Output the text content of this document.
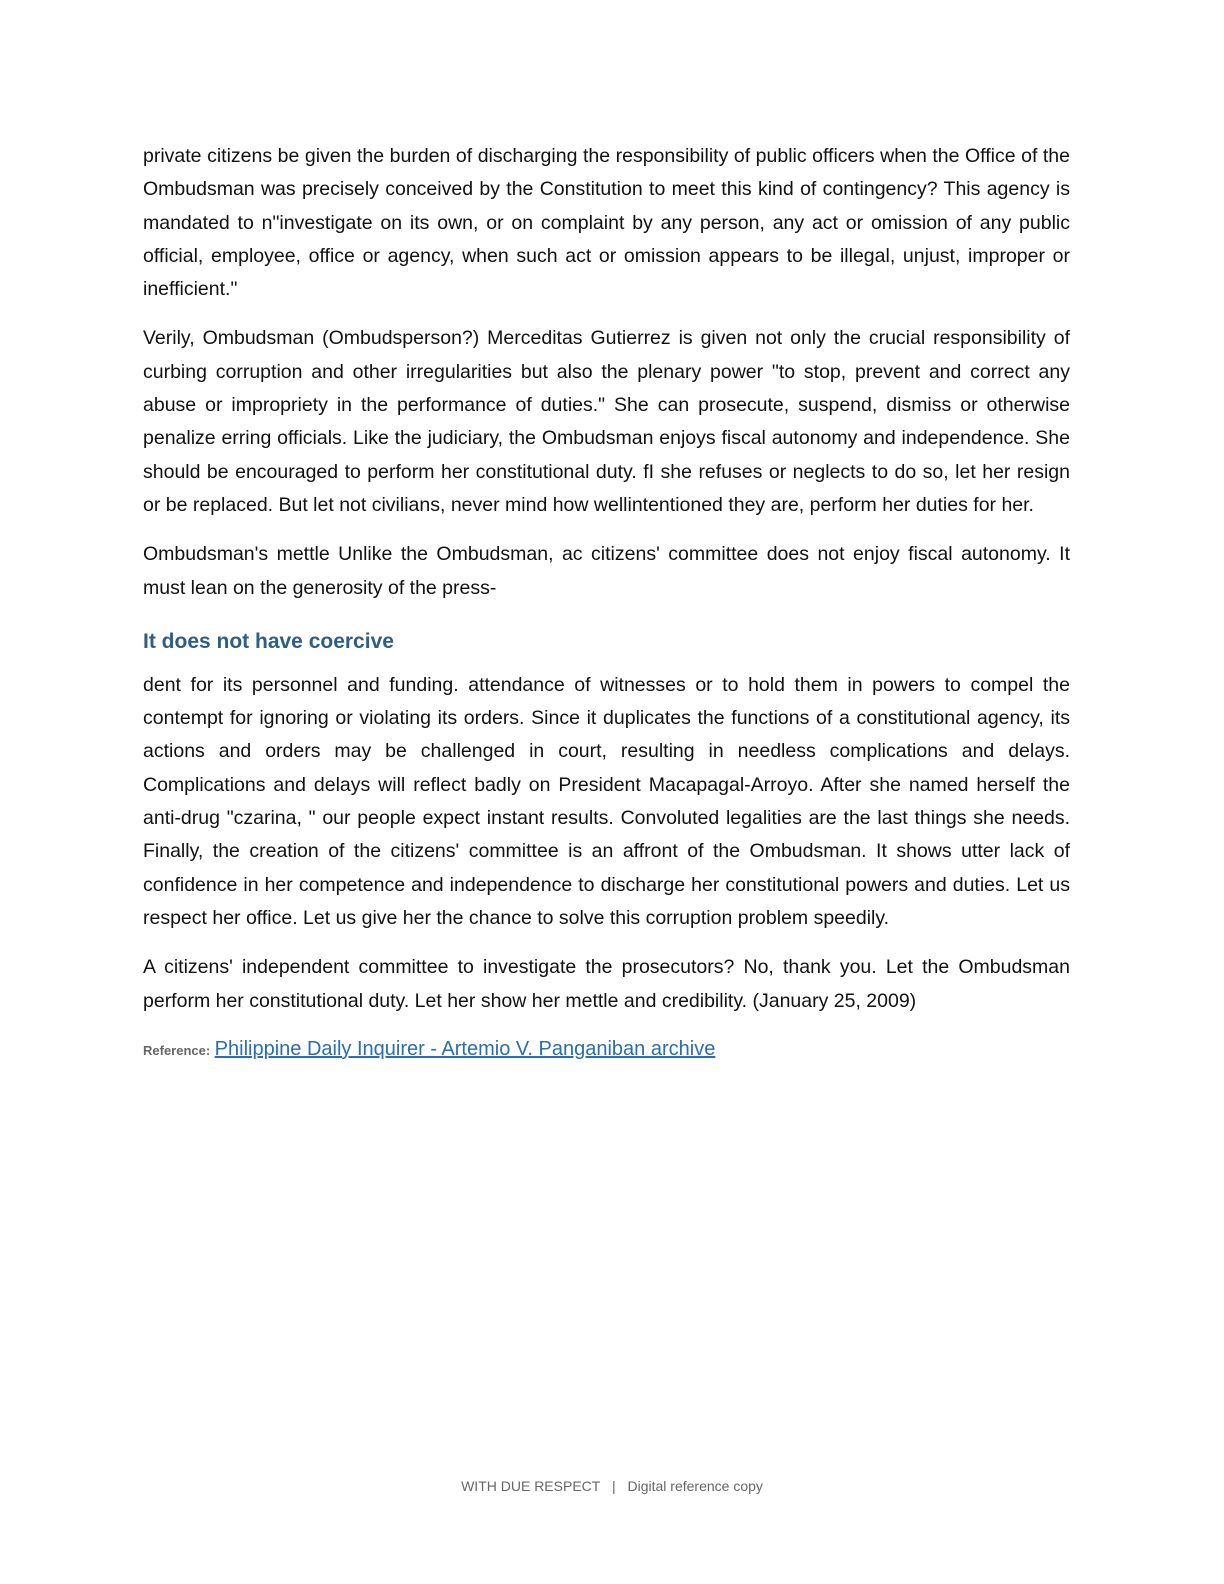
private citizens be given the burden of discharging the responsibility of public officers when the Office of the Ombudsman was precisely conceived by the Constitution to meet this kind of contingency? This agency is mandated to n"investigate on its own, or on complaint by any person, any act or omission of any public official, employee, office or agency, when such act or omission appears to be illegal, unjust, improper or inefficient."

Verily, Ombudsman (Ombudsperson?) Merceditas Gutierrez is given not only the crucial responsibility of curbing corruption and other irregularities but also the plenary power "to stop, prevent and correct any abuse or impropriety in the performance of duties." She can prosecute, suspend, dismiss or otherwise penalize erring officials. Like the judiciary, the Ombudsman enjoys fiscal autonomy and independence. She should be encouraged to perform her constitutional duty. fI she refuses or neglects to do so, let her resign or be replaced. But let not civilians, never mind how wellintentioned they are, perform her duties for her.

Ombudsman's mettle Unlike the Ombudsman, ac citizens' committee does not enjoy fiscal autonomy. It must lean on the generosity of the press-

It does not have coercive

dent for its personnel and funding. attendance of witnesses or to hold them in powers to compel the contempt for ignoring or violating its orders. Since it duplicates the functions of a constitutional agency, its actions and orders may be challenged in court, resulting in needless complications and delays. Complications and delays will reflect badly on President Macapagal-Arroyo. After she named herself the anti-drug "czarina, " our people expect instant results. Convoluted legalities are the last things she needs. Finally, the creation of the citizens' committee is an affront of the Ombudsman. It shows utter lack of confidence in her competence and independence to discharge her constitutional powers and duties. Let us respect her office. Let us give her the chance to solve this corruption problem speedily.

A citizens' independent committee to investigate the prosecutors? No, thank you. Let the Ombudsman perform her constitutional duty. Let her show her mettle and credibility. (January 25, 2009)

Reference: Philippine Daily Inquirer - Artemio V. Panganiban archive
WITH DUE RESPECT | Digital reference copy
